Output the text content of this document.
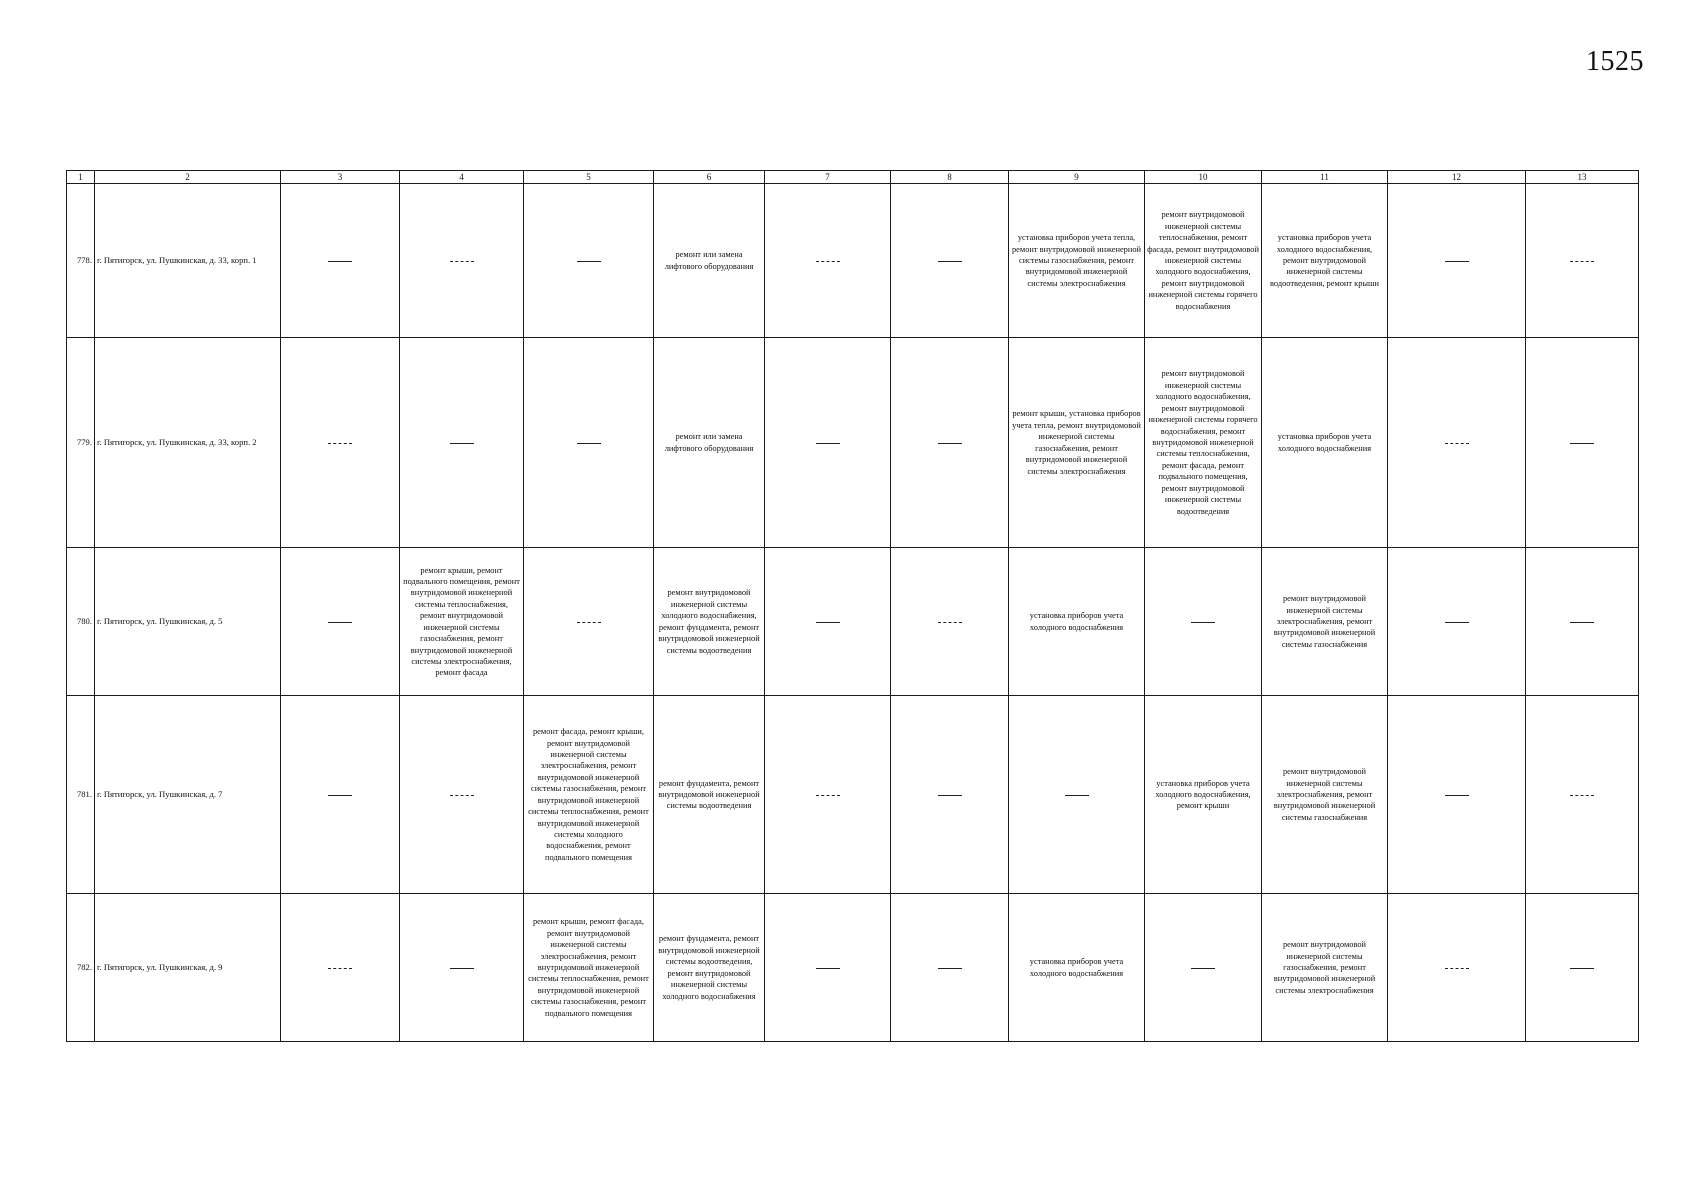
1525
1	2	3	4	5	6	7	8	9	10	11	12	13
778.	г. Пятигорск, ул. Пушкинская, д. 33, корп. 1				ремонт или замена лифтового оборудования			установка приборов учета тепла, ремонт внутридомовой инженерной системы газоснабжения, ремонт внутридомовой инженерной системы электроснабжения	ремонт внутридомовой инженерной системы теплоснабжения, ремонт фасада, ремонт внутридомовой инженерной системы холодного водоснабжения, ремонт внутридомовой инженерной системы горячего водоснабжения	установка приборов учета холодного водоснабжения, ремонт внутридомовой инженерной системы водоотведения, ремонт крыши		
779.	г. Пятигорск, ул. Пушкинская, д. 33, корп. 2				ремонт или замена лифтового оборудования			ремонт крыши, установка приборов учета тепла, ремонт внутридомовой инженерной системы газоснабжения, ремонт внутридомовой инженерной системы электроснабжения	ремонт внутридомовой инженерной системы холодного водоснабжения, ремонт внутридомовой инженерной системы горячего водоснабжения, ремонт внутридомовой инженерной системы теплоснабжения, ремонт фасада, ремонт подвального помещения, ремонт внутридомовой инженерной системы водоотведения	установка приборов учета холодного водоснабжения		
780.	г. Пятигорск, ул. Пушкинская, д. 5		ремонт крыши, ремонт подвального помещения, ремонт внутридомовой инженерной системы теплоснабжения, ремонт внутридомовой инженерной системы газоснабжения, ремонт внутридомовой инженерной системы электроснабжения, ремонт фасада		ремонт внутридомовой инженерной системы холодного водоснабжения, ремонт фундамента, ремонт внутридомовой инженерной системы водоотведения			установка приборов учета холодного водоснабжения		ремонт внутридомовой инженерной системы электроснабжения, ремонт внутридомовой инженерной системы газоснабжения		
781.	г. Пятигорск, ул. Пушкинская, д. 7			ремонт фасада, ремонт крыши, ремонт внутридомовой инженерной системы электроснабжения, ремонт внутридомовой инженерной системы газоснабжения, ремонт внутридомовой инженерной системы теплоснабжения, ремонт внутридомовой инженерной системы холодного водоснабжения, ремонт подвального помещения	ремонт фундамента, ремонт внутридомовой инженерной системы водоотведения				установка приборов учета холодного водоснабжения, ремонт крыши	ремонт внутридомовой инженерной системы электроснабжения, ремонт внутридомовой инженерной системы газоснабжения		
782.	г. Пятигорск, ул. Пушкинская, д. 9			ремонт крыши, ремонт фасада, ремонт внутридомовой инженерной системы электроснабжения, ремонт внутридомовой инженерной системы теплоснабжения, ремонт внутридомовой инженерной системы газоснабжения, ремонт подвального помещения	ремонт фундамента, ремонт внутридомовой инженерной системы водоотведения, ремонт внутридомовой инженерной системы холодного водоснабжения			установка приборов учета холодного водоснабжения		ремонт внутридомовой инженерной системы газоснабжения, ремонт внутридомовой инженерной системы электроснабжения		
